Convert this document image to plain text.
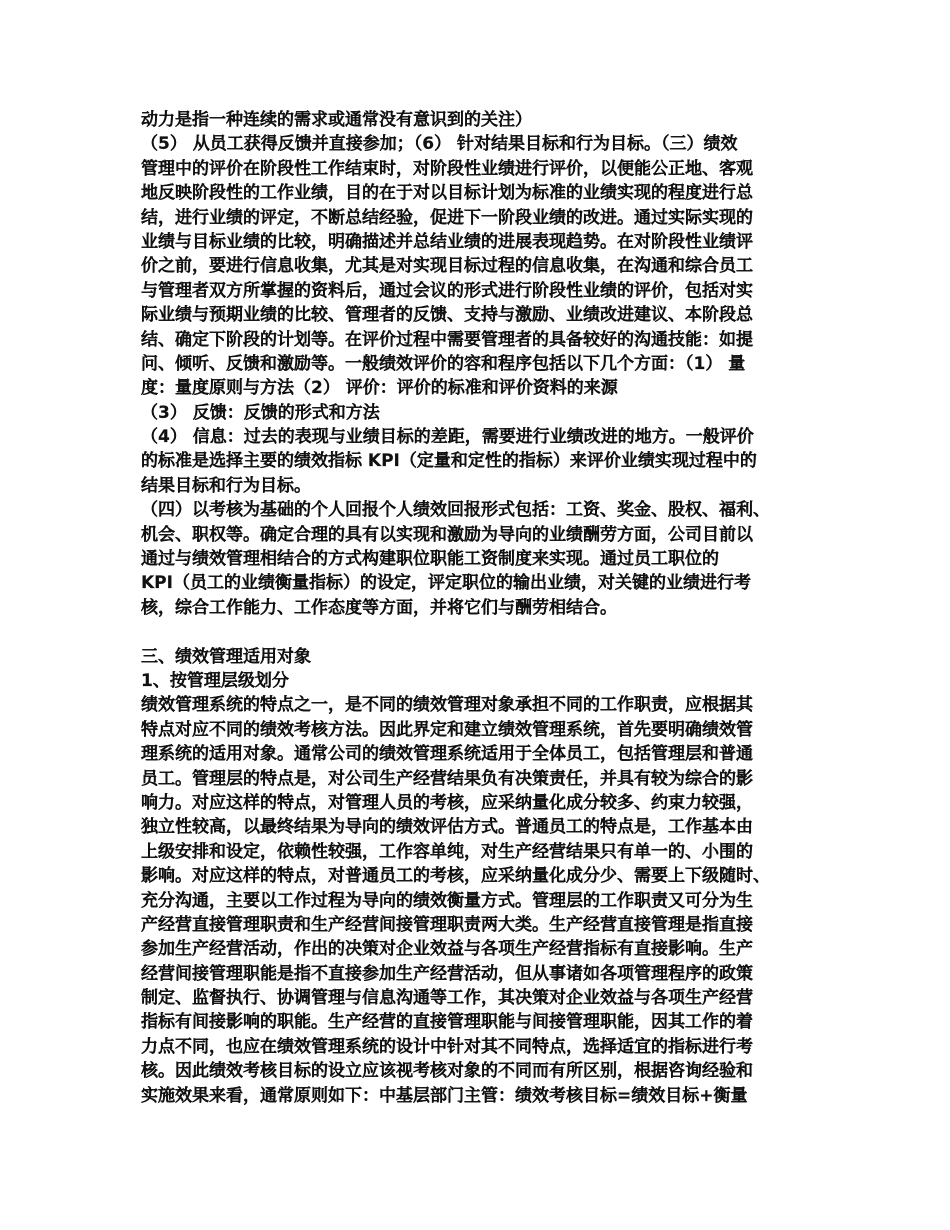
动力是指一种连续的需求或通常没有意识到的关注）
（5） 从员工获得反馈并直接参加；（6） 针对结果目标和行为目标。（三）绩效
管理中的评价在阶段性工作结束时，对阶段性业绩进行评价，以便能公正地、客观
地反映阶段性的工作业绩，目的在于对以目标计划为标准的业绩实现的程度进行总
结，进行业绩的评定，不断总结经验，促进下一阶段业绩的改进。通过实际实现的
业绩与目标业绩的比较，明确描述并总结业绩的进展表现趋势。在对阶段性业绩评
价之前，要进行信息收集，尤其是对实现目标过程的信息收集，在沟通和综合员工
与管理者双方所掌握的资料后，通过会议的形式进行阶段性业绩的评价，包括对实
际业绩与预期业绩的比较、管理者的反馈、支持与激励、业绩改进建议、本阶段总
结、确定下阶段的计划等。在评价过程中需要管理者的具备较好的沟通技能：如提
问、倾听、反馈和激励等。一般绩效评价的容和程序包括以下几个方面：（1） 量
度：量度原则与方法（2） 评价：评价的标准和评价资料的来源
（3） 反馈：反馈的形式和方法
（4） 信息：过去的表现与业绩目标的差距，需要进行业绩改进的地方。一般评价
的标准是选择主要的绩效指标 KPI（定量和定性的指标）来评价业绩实现过程中的
结果目标和行为目标。
（四）以考核为基础的个人回报个人绩效回报形式包括：工资、奖金、股权、福利、
机会、职权等。确定合理的具有以实现和激励为导向的业绩酬劳方面，公司目前以
通过与绩效管理相结合的方式构建职位职能工资制度来实现。通过员工职位的
KPI（员工的业绩衡量指标）的设定，评定职位的输出业绩，对关键的业绩进行考
核，综合工作能力、工作态度等方面，并将它们与酬劳相结合。
三、绩效管理适用对象
1、按管理层级划分
绩效管理系统的特点之一，是不同的绩效管理对象承担不同的工作职责，应根据其
特点对应不同的绩效考核方法。因此界定和建立绩效管理系统，首先要明确绩效管
理系统的适用对象。通常公司的绩效管理系统适用于全体员工，包括管理层和普通
员工。管理层的特点是，对公司生产经营结果负有决策责任，并具有较为综合的影
响力。对应这样的特点，对管理人员的考核，应采纳量化成分较多、约束力较强，
独立性较高，以最终结果为导向的绩效评估方式。普通员工的特点是，工作基本由
上级安排和设定，依赖性较强，工作容单纯，对生产经营结果只有单一的、小围的
影响。对应这样的特点，对普通员工的考核，应采纳量化成分少、需要上下级随时、
充分沟通，主要以工作过程为导向的绩效衡量方式。管理层的工作职责又可分为生
产经营直接管理职责和生产经营间接管理职责两大类。生产经营直接管理是指直接
参加生产经营活动，作出的决策对企业效益与各项生产经营指标有直接影响。生产
经营间接管理职能是指不直接参加生产经营活动，但从事诸如各项管理程序的政策
制定、监督执行、协调管理与信息沟通等工作，其决策对企业效益与各项生产经营
指标有间接影响的职能。生产经营的直接管理职能与间接管理职能，因其工作的着
力点不同，也应在绩效管理系统的设计中针对其不同特点，选择适宜的指标进行考
核。因此绩效考核目标的设立应该视考核对象的不同而有所区别，根据咨询经验和
实施效果来看，通常原则如下：中基层部门主管：绩效考核目标=绩效目标+衡量
